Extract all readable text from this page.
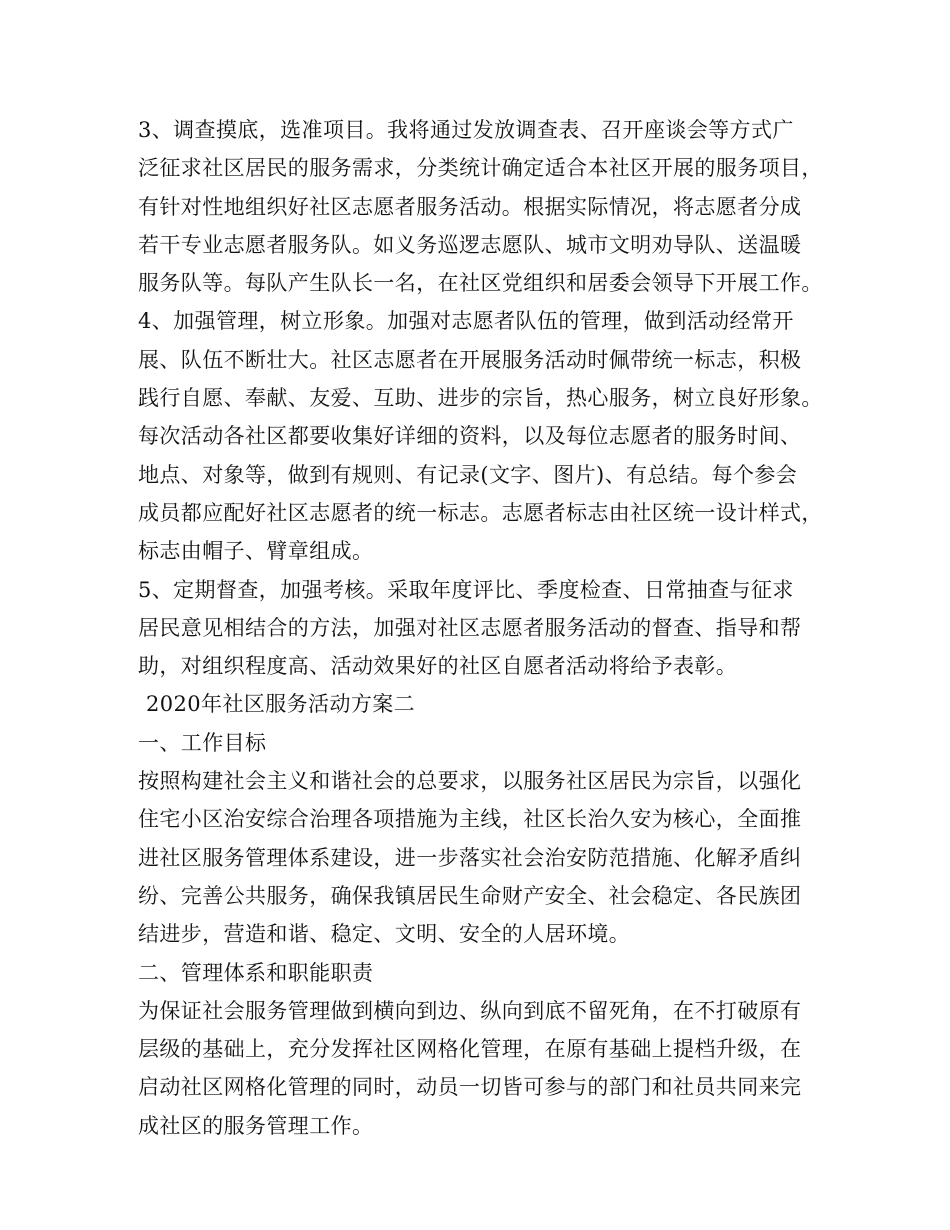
3、调查摸底，选准项目。我将通过发放调查表、召开座谈会等方式广
泛征求社区居民的服务需求，分类统计确定适合本社区开展的服务项目，
有针对性地组织好社区志愿者服务活动。根据实际情况，将志愿者分成
若干专业志愿者服务队。如义务巡逻志愿队、城市文明劝导队、送温暖
服务队等。每队产生队长一名，在社区党组织和居委会领导下开展工作。
4、加强管理，树立形象。加强对志愿者队伍的管理，做到活动经常开
展、队伍不断壮大。社区志愿者在开展服务活动时佩带统一标志，积极
践行自愿、奉献、友爱、互助、进步的宗旨，热心服务，树立良好形象。
每次活动各社区都要收集好详细的资料，以及每位志愿者的服务时间、
地点、对象等，做到有规则、有记录(文字、图片)、有总结。每个参会
成员都应配好社区志愿者的统一标志。志愿者标志由社区统一设计样式，
标志由帽子、臂章组成。
5、定期督查，加强考核。采取年度评比、季度检查、日常抽查与征求
居民意见相结合的方法，加强对社区志愿者服务活动的督查、指导和帮
助，对组织程度高、活动效果好的社区自愿者活动将给予表彰。
2020年社区服务活动方案二
一、工作目标
按照构建社会主义和谐社会的总要求，以服务社区居民为宗旨，以强化
住宅小区治安综合治理各项措施为主线，社区长治久安为核心，全面推
进社区服务管理体系建设，进一步落实社会治安防范措施、化解矛盾纠
纷、完善公共服务，确保我镇居民生命财产安全、社会稳定、各民族团
结进步，营造和谐、稳定、文明、安全的人居环境。
二、管理体系和职能职责
为保证社会服务管理做到横向到边、纵向到底不留死角，在不打破原有
层级的基础上，充分发挥社区网格化管理，在原有基础上提档升级，在
启动社区网格化管理的同时，动员一切皆可参与的部门和社员共同来完
成社区的服务管理工作。
